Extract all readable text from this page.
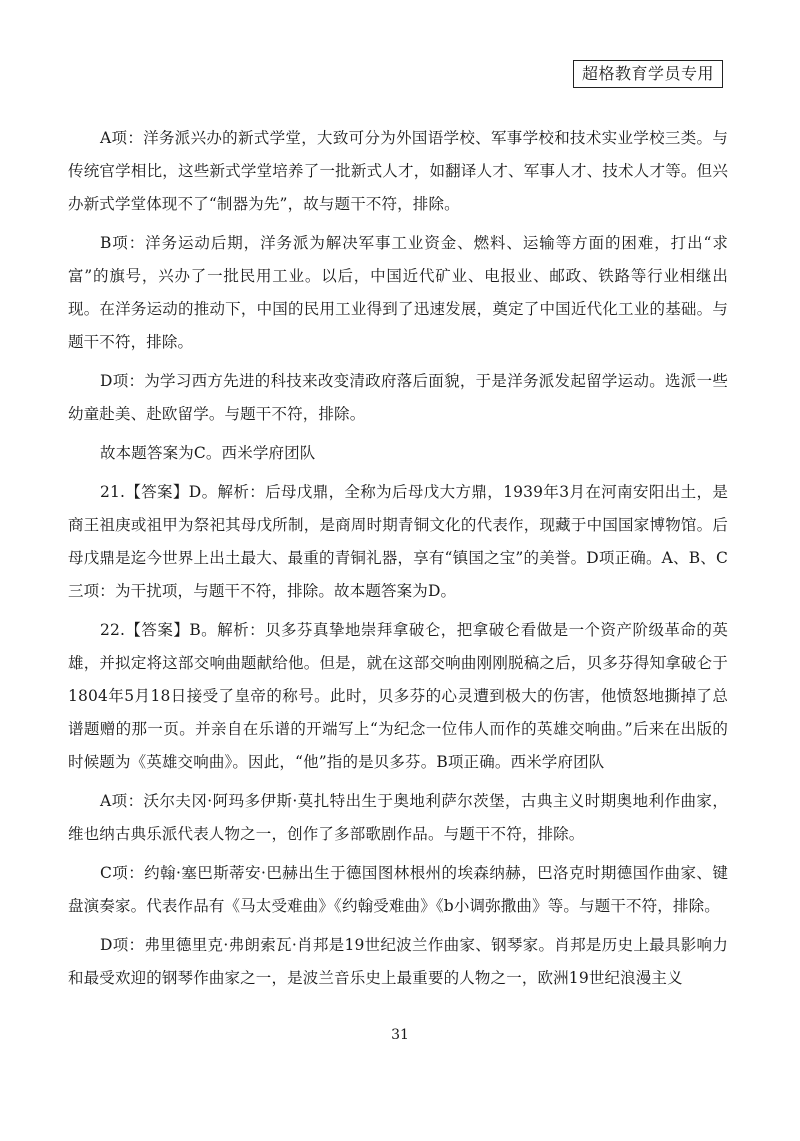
超格教育学员专用

A项：洋务派兴办的新式学堂，大致可分为外国语学校、军事学校和技术实业学校三类。与传统官学相比，这些新式学堂培养了一批新式人才，如翻译人才、军事人才、技术人才等。但兴办新式学堂体现不了“制器为先”，故与题干不符，排除。

B项：洋务运动后期，洋务派为解决军事工业资金、燃料、运输等方面的困难，打出“求富”的旗号，兴办了一批民用工业。以后，中国近代矿业、电报业、邮政、铁路等行业相继出现。在洋务运动的推动下，中国的民用工业得到了迅速发展，奠定了中国近代化工业的基础。与题干不符，排除。

D项：为学习西方先进的科技来改变清政府落后面貌，于是洋务派发起留学运动。选派一些幼童赴美、赴欧留学。与题干不符，排除。

故本题答案为C。西米学府团队

21.【答案】D。解析：后母戊鼎，全称为后母戊大方鼎，1939年3月在河南安阳出土，是商王祖庚或祖甲为祭祀其母戊所制，是商周时期青铜文化的代表作，现藏于中国国家博物馆。后母戊鼎是迄今世界上出土最大、最重的青铜礼器，享有“镇国之宝”的美誉。D项正确。A、B、C三项：为干扰项，与题干不符，排除。故本题答案为D。

22.【答案】B。解析：贝多芬真挚地崇拜拿破仑，把拿破仑看做是一个资产阶级革命的英雄，并拟定将这部交响曲题献给他。但是，就在这部交响曲刚刚脱稿之后，贝多芬得知拿破仑于1804年5月18日接受了皇帝的称号。此时，贝多芬的心灵遭到极大的伤害，他愤怒地撕掉了总谱题赠的那一页。并亲自在乐谱的开端写上“为纪念一位伟人而作的英雄交响曲。”后来在出版的时候题为《英雄交响曲》。因此，“他”指的是贝多芬。B项正确。西米学府团队

A项：沃尔夫冈·阿玛多伊斯·莫扎特出生于奥地利萨尔茨堡，古典主义时期奥地利作曲家，维也纳古典乐派代表人物之一，创作了多部歌剧作品。与题干不符，排除。

C项：约翰·塞巴斯蒂安·巴赫出生于德国图林根州的埃森纳赫，巴洛克时期德国作曲家、键盘演奏家。代表作品有《马太受难曲》《约翰受难曲》《b小调弥撒曲》等。与题干不符，排除。

D项：弗里德里克·弗朗索瓦·肖邦是19世纪波兰作曲家、钢琴家。肖邦是历史上最具影响力和最受欢迎的钢琴作曲家之一，是波兰音乐史上最重要的人物之一，欧洲19世纪浪漫主义

31
